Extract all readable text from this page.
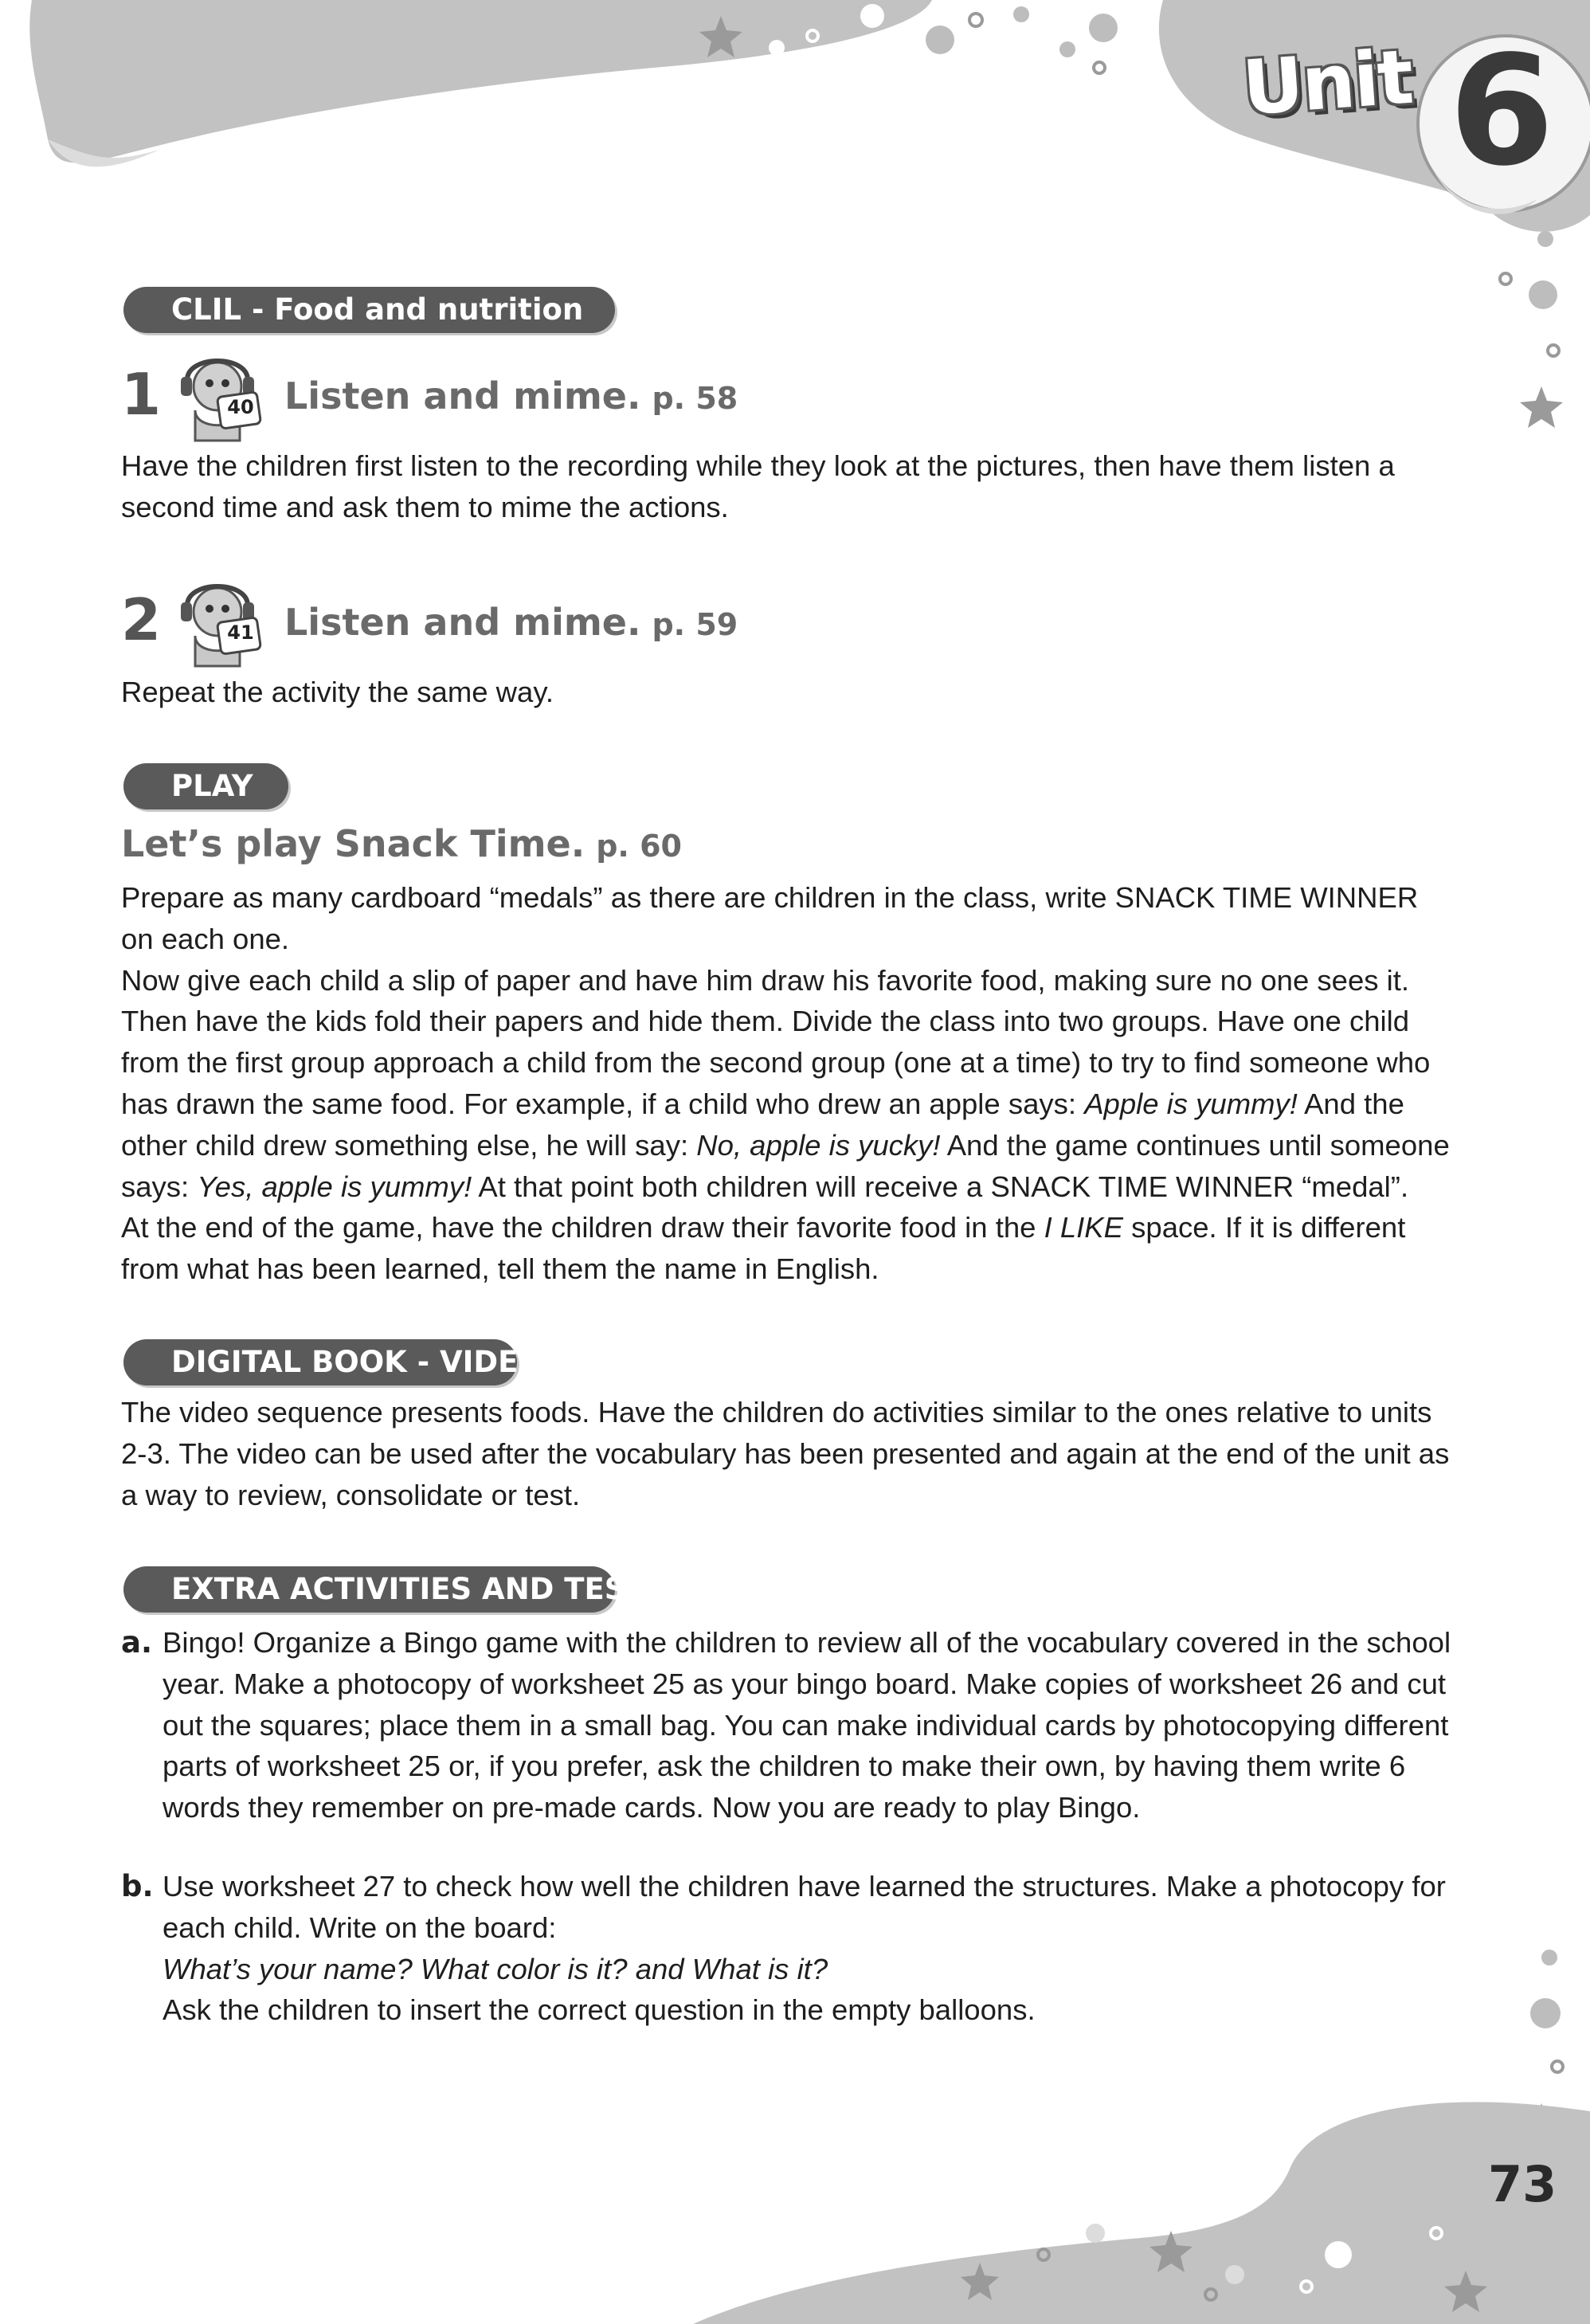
Unit 6
CLIL - Food and nutrition
1	40 Listen and mime. p. 58
Have the children first listen to the recording while they look at the pictures, then have them listen a second time and ask them to mime the actions.
2	41 Listen and mime. p. 59
Repeat the activity the same way.
PLAY
Let’s play Snack Time. p. 60

Prepare as many cardboard “medals” as there are children in the class, write SNACK TIME WINNER on each one.

Now give each child a slip of paper and have him draw his favorite food, making sure no one sees it. Then have the kids fold their papers and hide them. Divide the class into two groups. Have one child from the first group approach a child from the second group (one at a time) to try to find someone who has drawn the same food. For example, if a child who drew an apple says: Apple is yummy! And the other child drew something else, he will say: No, apple is yucky! And the game continues until someone says: Yes, apple is yummy! At that point both children will receive a SNACK TIME WINNER “medal”.

At the end of the game, have the children draw their favorite food in the I LIKE space. If it is different from what has been learned, tell them the name in English.

DIGITAL BOOK - VIDEO
The video sequence presents foods. Have the children do activities similar to the ones relative to units 2-3. The video can be used after the vocabulary has been presented and again at the end of the unit as a way to review, consolidate or test.
EXTRA ACTIVITIES AND TESTS
a. Bingo! Organize a Bingo game with the children to review all of the vocabulary covered in the school year. Make a photocopy of worksheet 25 as your bingo board. Make copies of worksheet 26 and cut out the squares; place them in a small bag. You can make individual cards by photocopying different parts of worksheet 25 or, if you prefer, ask the children to make their own, by having them write 6 words they remember on pre-made cards. Now you are ready to play Bingo.
b. Use worksheet 27 to check how well the children have learned the structures. Make a photocopy for each child. Write on the board:

What’s your name? What color is it? and What is it?

Ask the children to insert the correct question in the empty balloons.

73
